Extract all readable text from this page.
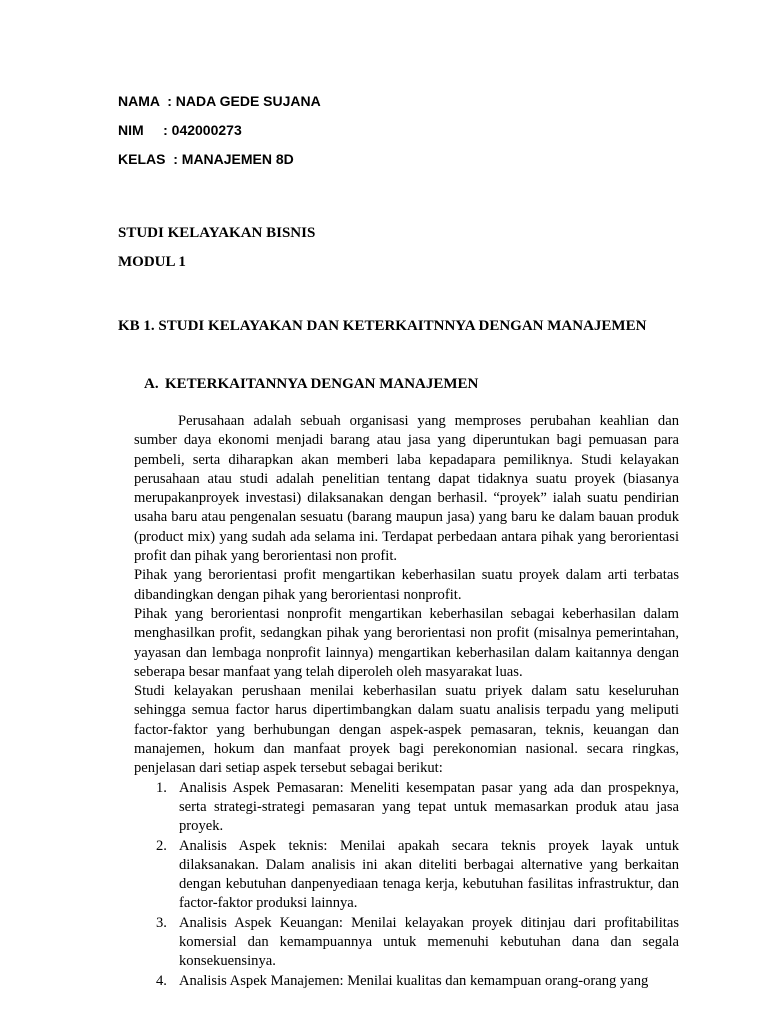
NAMA  : NADA GEDE SUJANA
NIM     : 042000273
KELAS  : MANAJEMEN 8D
STUDI KELAYAKAN BISNIS
MODUL 1
KB 1. STUDI KELAYAKAN DAN KETERKAITNNYA DENGAN MANAJEMEN
A. KETERKAITANNYA DENGAN MANAJEMEN

Perusahaan adalah sebuah organisasi yang memproses perubahan keahlian dan sumber daya ekonomi menjadi barang atau jasa yang diperuntukan bagi pemuasan para pembeli, serta diharapkan akan memberi laba kepadapara pemiliknya. Studi kelayakan perusahaan atau studi adalah penelitian tentang dapat tidaknya suatu proyek (biasanya merupakanproyek investasi) dilaksanakan dengan berhasil. “proyek” ialah suatu pendirian usaha baru atau pengenalan sesuatu (barang maupun jasa) yang baru ke dalam bauan produk (product mix) yang sudah ada selama ini. Terdapat perbedaan antara pihak yang berorientasi profit dan pihak yang berorientasi non profit.

Pihak yang berorientasi profit mengartikan keberhasilan suatu proyek dalam arti terbatas dibandingkan dengan pihak yang berorientasi nonprofit.

Pihak yang berorientasi nonprofit mengartikan keberhasilan sebagai keberhasilan dalam menghasilkan profit, sedangkan pihak yang berorientasi non profit (misalnya pemerintahan, yayasan dan lembaga nonprofit lainnya) mengartikan keberhasilan dalam kaitannya dengan seberapa besar manfaat yang telah diperoleh oleh masyarakat luas.

Studi kelayakan perushaan menilai keberhasilan suatu priyek dalam satu keseluruhan sehingga semua factor harus dipertimbangkan dalam suatu analisis terpadu yang meliputi factor-faktor yang berhubungan dengan aspek-aspek pemasaran, teknis, keuangan dan manajemen, hokum dan manfaat proyek bagi perekonomian nasional. secara ringkas, penjelasan dari setiap aspek tersebut sebagai berikut:

1. Analisis Aspek Pemasaran: Meneliti kesempatan pasar yang ada dan prospeknya, serta strategi-strategi pemasaran yang tepat untuk memasarkan produk atau jasa proyek.
2. Analisis Aspek teknis: Menilai apakah secara teknis proyek layak untuk dilaksanakan. Dalam analisis ini akan diteliti berbagai alternative yang berkaitan dengan kebutuhan danpenyediaan tenaga kerja, kebutuhan fasilitas infrastruktur, dan factor-faktor produksi lainnya.
3. Analisis Aspek Keuangan: Menilai kelayakan proyek ditinjau dari profitabilitas komersial dan kemampuannya untuk memenuhi kebutuhan dana dan segala konsekuensinya.
4. Analisis Aspek Manajemen: Menilai kualitas dan kemampuan orang-orang yang
